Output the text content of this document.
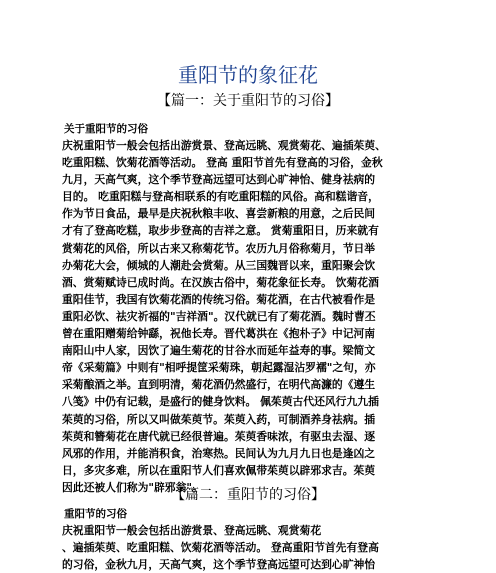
重阳节的象征花
【篇一：关于重阳节的习俗】
关于重阳节的习俗
庆祝重阳节一般会包括出游赏景、登高远眺、观赏菊花、遍插茱萸、
吃重阳糕、饮菊花酒等活动。 登高 重阳节首先有登高的习俗，金秋
九月，天高气爽，这个季节登高远望可达到心旷神怡、健身祛病的
目的。 吃重阳糕与登高相联系的有吃重阳糕的风俗。高和糕谐音，
作为节日食品，最早是庆祝秋粮丰收、喜尝新粮的用意，之后民间
才有了登高吃糕，取步步登高的吉祥之意。 赏菊重阳日，历来就有
赏菊花的风俗，所以古来又称菊花节。农历九月俗称菊月，节日举
办菊花大会，倾城的人潮赴会赏菊。从三国魏晋以来，重阳聚会饮
酒、赏菊赋诗已成时尚。在汉族古俗中，菊花象征长寿。 饮菊花酒
重阳佳节，我国有饮菊花酒的传统习俗。菊花酒，在古代被看作是
重阳必饮、祛灾祈福的"吉祥酒"。汉代就已有了菊花酒。魏时曹丕
曾在重阳赠菊给钟繇，祝他长寿。晋代葛洪在《抱朴子》中记河南
南阳山中人家，因饮了遍生菊花的甘谷水而延年益寿的事。梁简文
帝《采菊篇》中则有"相呼提筐采菊珠，朝起露湿沾罗襦"之句，亦
采菊酿酒之举。直到明清，菊花酒仍然盛行，在明代高濂的《遵生
八笺》中仍有记载，是盛行的健身饮料。 佩茱萸古代还风行九九插
茱萸的习俗，所以又叫做茱萸节。茱萸入药，可制酒养身祛病。插
茱萸和簪菊花在唐代就已经很普遍。茱萸香味浓，有驱虫去湿、逐
风邪的作用，并能消积食，治寒热。民间认为九月九日也是逢凶之
日，多灾多难，所以在重阳节人们喜欢佩带茱萸以辟邪求吉。茱萸
因此还被人们称为"辟邪翁"。
【篇二：重阳节的习俗】
重阳节的习俗
庆祝重阳节一般会包括出游赏景、登高远眺、观赏菊花
、遍插茱萸、吃重阳糕、饮菊花酒等活动。 登高重阳节首先有登高
的习俗，金秋九月，天高气爽，这个季节登高远望可达到心旷神怡
